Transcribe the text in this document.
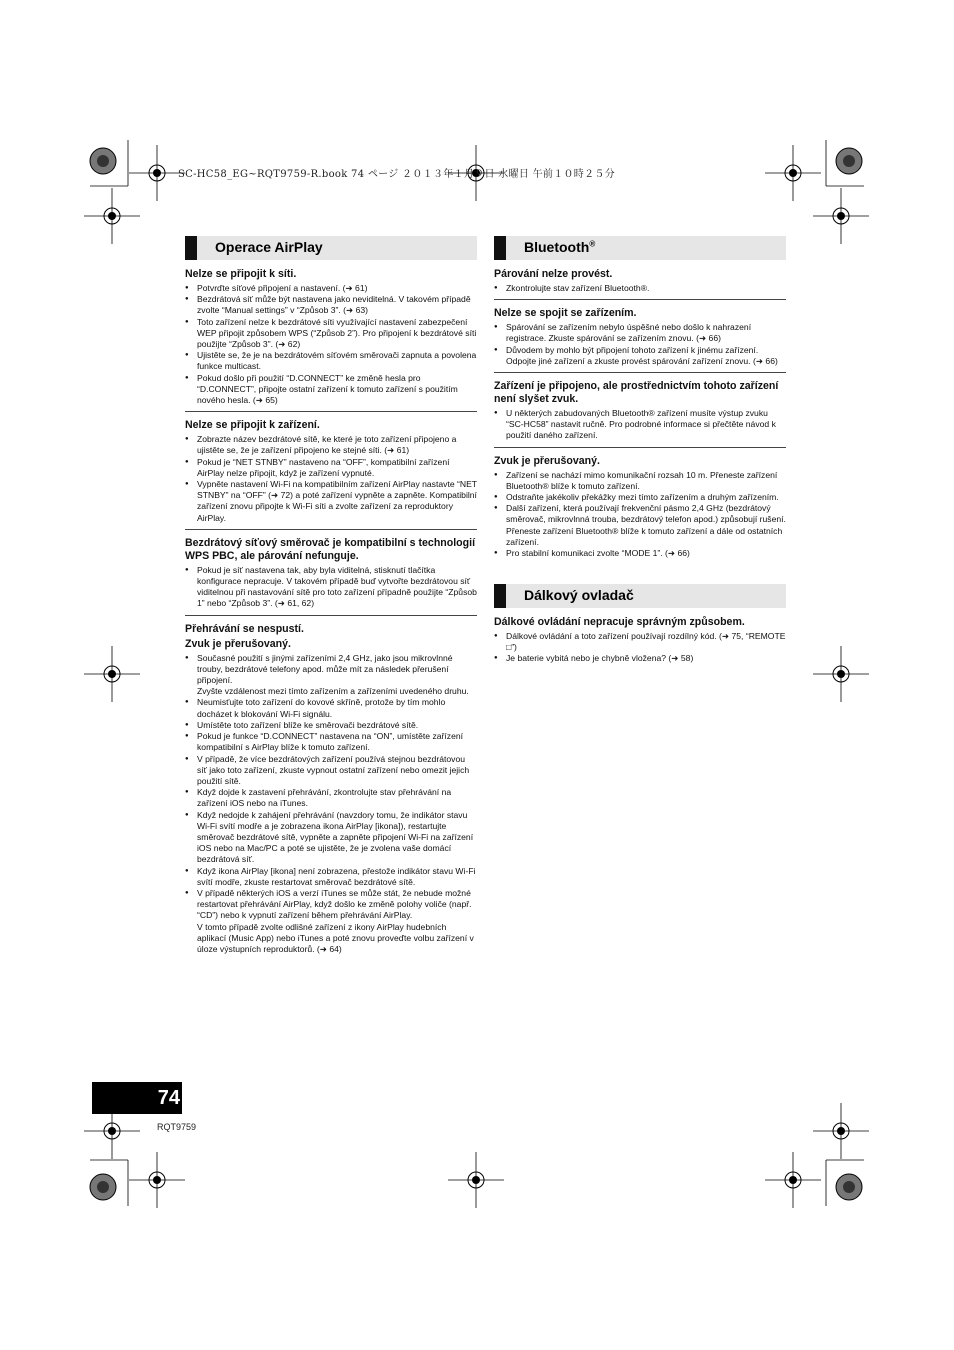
SC-HC58_EG~RQT9759-R.book 74 ページ ２０１３年１月９日 水曜日 午前１０時２５分
Operace AirPlay
Nelze se připojit k síti.
● Potvrďte síťové připojení a nastavení. (➜ 61)
● Bezdrátová síť může být nastavena jako neviditelná. V takovém případě zvolte “Manual settings” v “Způsob 3”. (➜ 63)
● Toto zařízení nelze k bezdrátové síti využívající nastavení zabezpečení WEP připojit způsobem WPS (“Způsob 2”). Pro připojení k bezdrátové síti použijte “Způsob 3”. (➜ 62)
● Ujistěte se, že je na bezdrátovém síťovém směrovači zapnuta a povolena funkce multicast.
● Pokud došlo při použití “D.CONNECT” ke změně hesla pro “D.CONNECT”, připojte ostatní zařízení k tomuto zařízení s použitím nového hesla. (➜ 65)
Nelze se připojit k zařízení.
● Zobrazte název bezdrátové sítě, ke které je toto zařízení připojeno a ujistěte se, že je zařízení připojeno ke stejné síti. (➜ 61)
● Pokud je “NET STNBY” nastaveno na “OFF”, kompatibilní zařízení AirPlay nelze připojit, když je zařízení vypnuté.
● Vypněte nastavení Wi-Fi na kompatibilním zařízení AirPlay nastavte “NET STNBY” na “OFF” (➜ 72) a poté zařízení vypněte a zapněte. Kompatibilní zařízení znovu připojte k Wi-Fi síti a zvolte zařízení za reproduktory AirPlay.
Bezdrátový síťový směrovač je kompatibilní s technologií WPS PBC, ale párování nefunguje.
● Pokud je síť nastavena tak, aby byla viditelná, stisknutí tlačítka konfigurace nepracuje. V takovém případě buď vytvořte bezdrátovou síť viditelnou při nastavování sítě pro toto zařízení případně použijte “Způsob 1” nebo “Způsob 3”. (➜ 61, 62)
Přehrávání se nespustí.
Zvuk je přerušovaný.
● Současné použití s jinými zařízeními 2,4 GHz, jako jsou mikrovlnné trouby, bezdrátové telefony apod. může mít za následek přerušení připojení.
Zvyšte vzdálenost mezi tímto zařízením a zařízeními uvedeného druhu.
● Neumisťujte toto zařízení do kovové skříně, protože by tím mohlo docházet k blokování Wi-Fi signálu.
● Umístěte toto zařízení blíže ke směrovači bezdrátové sítě.
● Pokud je funkce “D.CONNECT” nastavena na “ON”, umístěte zařízení kompatibilní s AirPlay blíže k tomuto zařízení.
● V případě, že více bezdrátových zařízení používá stejnou bezdrátovou síť jako toto zařízení, zkuste vypnout ostatní zařízení nebo omezit jejich použití sítě.
● Když dojde k zastavení přehrávání, zkontrolujte stav přehrávání na zařízení iOS nebo na iTunes.
● Když nedojde k zahájení přehrávání (navzdory tomu, že indikátor stavu Wi-Fi svítí modře a je zobrazena ikona AirPlay [ikona]), restartujte směrovač bezdrátové sítě, vypněte a zapněte připojení Wi-Fi na zařízení iOS nebo na Mac/PC a poté se ujistěte, že je zvolena vaše domácí bezdrátová síť.
● Když ikona AirPlay [ikona] není zobrazena, přestože indikátor stavu Wi-Fi svítí modře, zkuste restartovat směrovač bezdrátové sítě.
● V případě některých iOS a verzí iTunes se může stát, že nebude možné restartovat přehrávání AirPlay, když došlo ke změně polohy voliče (např. “CD”) nebo k vypnutí zařízení během přehrávání AirPlay.
V tomto případě zvolte odlišné zařízení z ikony AirPlay hudebních aplikací (Music App) nebo iTunes a poté znovu proveďte volbu zařízení v úloze výstupních reproduktorů. (➜ 64)
Bluetooth®
Párování nelze provést.
● Zkontrolujte stav zařízení Bluetooth®.
Nelze se spojit se zařízením.
● Spárování se zařízením nebylo úspěšné nebo došlo k nahrazení registrace. Zkuste spárování se zařízením znovu. (➜ 66)
● Důvodem by mohlo být připojení tohoto zařízení k jinému zařízení. Odpojte jiné zařízení a zkuste provést spárování zařízení znovu. (➜ 66)
Zařízení je připojeno, ale prostřednictvím tohoto zařízení není slyšet zvuk.
● U některých zabudovaných Bluetooth® zařízení musíte výstup zvuku “SC-HC58” nastavit ručně. Pro podrobné informace si přečtěte návod k použití daného zařízení.
Zvuk je přerušovaný.
● Zařízení se nachází mimo komunikační rozsah 10 m. Přeneste zařízení Bluetooth® blíže k tomuto zařízení.
● Odstraňte jakékoliv překážky mezi tímto zařízením a druhým zařízením.
● Další zařízení, která používají frekvenční pásmo 2,4 GHz (bezdrátový směrovač, mikrovlnná trouba, bezdrátový telefon apod.) způsobují rušení. Přeneste zařízení Bluetooth® blíže k tomuto zařízení a dále od ostatních zařízení.
● Pro stabilní komunikaci zvolte “MODE 1”. (➜ 66)
Dálkový ovladač
Dálkové ovládání nepracuje správným způsobem.
● Dálkové ovládání a toto zařízení používají rozdílný kód. (➜ 75, “REMOTE □”)
● Je baterie vybitá nebo je chybně vložena? (➜ 58)
74
RQT9759
